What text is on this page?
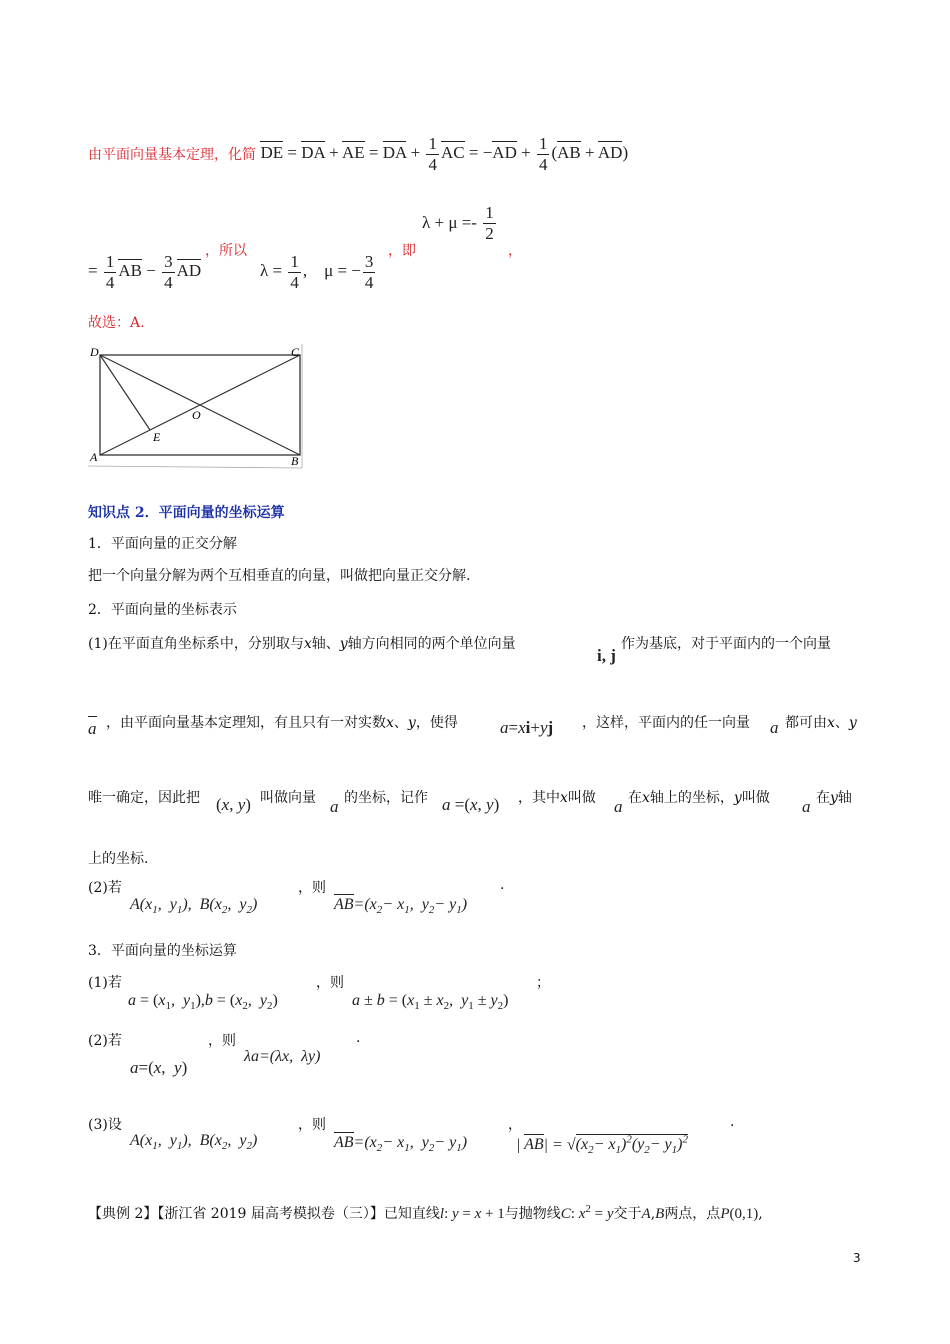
由平面向量基本定理，化简 DE = DA + AE = DA + $\frac{1}{4}$ AC = $-AD + \frac{1}{4} (AB + AD)$
$\lambda + \mu =- \frac{1}{2}$
= $\frac{1}{4}$ AB − $\frac{3}{4}$ AD
，所以
$\lambda = \frac{1}{4}$ ,    μ = − $\frac{3}{4}$
，即	，
故选：A.
D	C
A	B
O
E
知识点 2．平面向量的坐标运算
1．平面向量的正交分解
把一个向量分解为两个互相垂直的向量，叫做把向量正交分解.
2．平面向量的坐标表示
(1)在平面直角坐标系中，分别取与x轴、y轴方向相同的两个单位向量
i, j
作为基底，对于平面内的一个向量

a ，由平面向量基本定理知，有且只有一对实数x、y，使得 a=xi+yj ，这样，平面内的任一向量 a 都可由x、y
唯一确定，因此把 (x, y) 叫做向量 a 的坐标，记作 a =(x, y) ，其中x叫做 a 在x轴上的坐标，y叫做 a 在y轴
上的坐标.
(2)若
$A(x_1$,  $y_1$),  $B(x_2$,  $y_2$)
，则
$AB=(x_2- x_1$,  $y_2- y_1$)
.
3．平面向量的坐标运算
(1)若
$a = (x_1$,  $y_1),b = (x_2$,  $y_2$)
，则
$a \pm b = (x_1 \pm x_2$,  $y_1 \pm y_2$)
；
(2)若
a=(x,  y)
，则
λa=(λx,  λy)
.
(3)设
$A(x_1$,  $y_1$),  $B(x_2$,  $y_2$)
，则
$AB=(x_2- x_1$,  $y_2- y_1$)
，
| $AB| = √(x_2- x_1)^2(y_2- y_1)^2$
.
【典例 2】【浙江省 2019 届高考模拟卷（三）】已知直线l: y = x + 1与抛物线C: $x^2 = y$交于A,B两点，点P(0,1),
3
